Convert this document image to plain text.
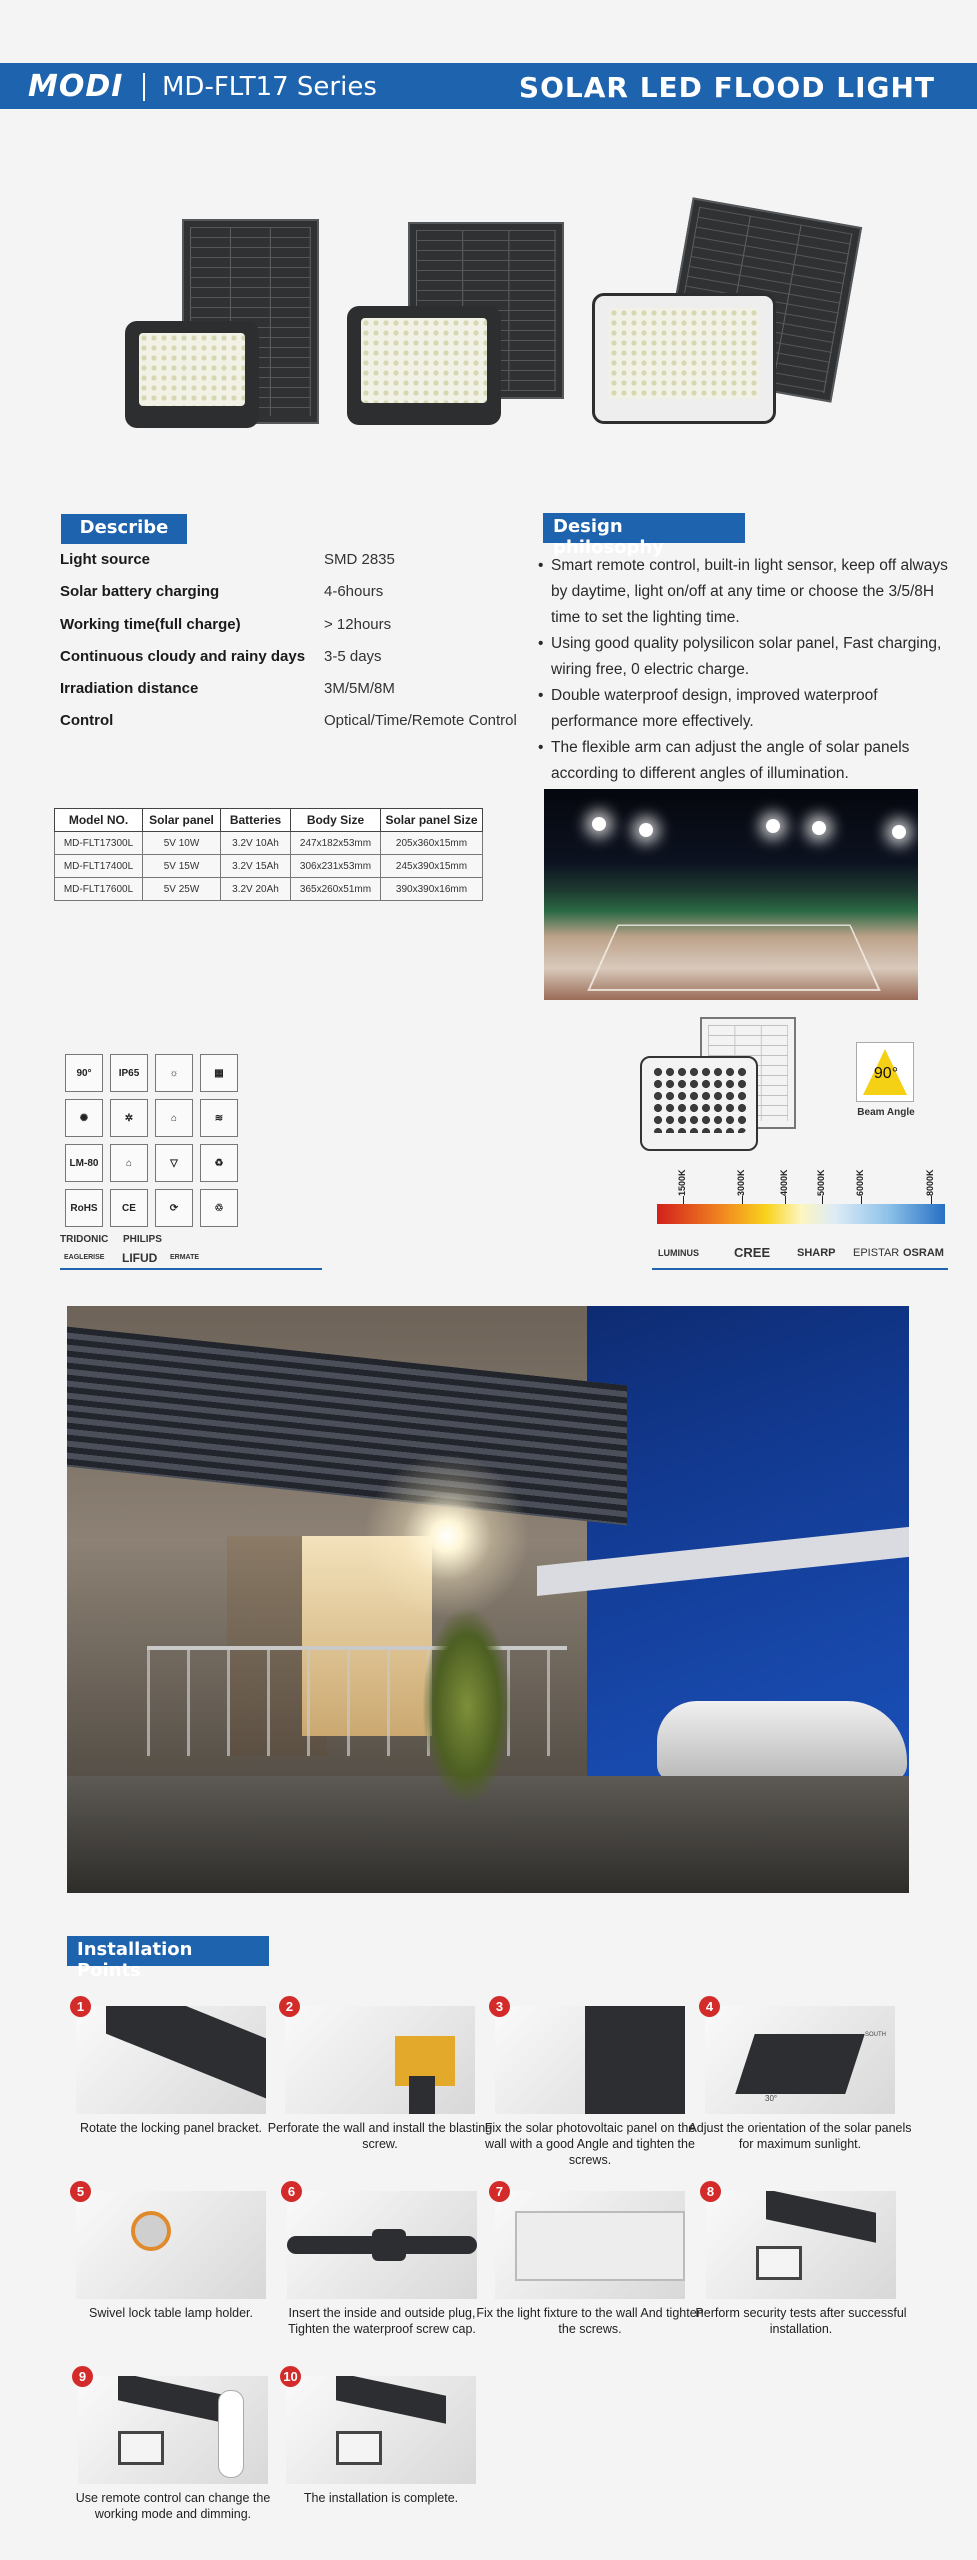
MODI MD-FLT17 Series	SOLAR LED FLOOD LIGHT
Describe
Light source	SMD 2835
Solar battery charging	4-6hours
Working time(full charge)	> 12hours
Continuous cloudy and rainy days 3-5 days
Irradiation distance	3M/5M/8M
Control	Optical/Time/Remote Control
Design philosophy
• Smart remote control, built-in light sensor, keep off always by daytime, light on/off at any time or choose the 3/5/8H time to set the lighting time.
• Using good quality polysilicon solar panel, Fast charging, wiring free, 0 electric charge.
• Double waterproof design, improved waterproof performance more effectively.
• The flexible arm can adjust the angle of solar panels according to different angles of illumination.
Model NO.	Solar panel	Batteries	Body Size	Solar panel Size
MD-FLT17300L	5V 10W	3.2V 10Ah	247x182x53mm	205x360x15mm
MD-FLT17400L	5V 15W	3.2V 15Ah	306x231x53mm	245x390x15mm
MD-FLT17600L	5V 25W	3.2V 20Ah	365x260x51mm	390x390x16mm
90°	IP65	☼	▦
✺	✲	⌂	≋
LM-80	⌂	▽	♻
RoHS	CE	⟳	♲
TRIDONIC PHILIPS
EAGLERISE LIFUD ERMATE
90°
Beam Angle
1500K	3000K	4000K	5000K	6000K	8000K
LUMINUS	CREE SHARP EPISTAR OSRAM
Installation Points
1
Rotate the locking panel bracket.
2
Perforate the wall and install the blasting screw.
3
Fix the solar photovoltaic panel on the wall with a good Angle and tighten the screws.
SOUTH
30°
4
Adjust the orientation of the solar panels for maximum sunlight.
5
Swivel lock table lamp holder.
6
Insert the inside and outside plug, Tighten the waterproof screw cap.
7
Fix the light fixture to the wall And tighten the screws.
8
Perform security tests after successful installation.
9
Use remote control can change the working mode and dimming.
10
The installation is complete.
